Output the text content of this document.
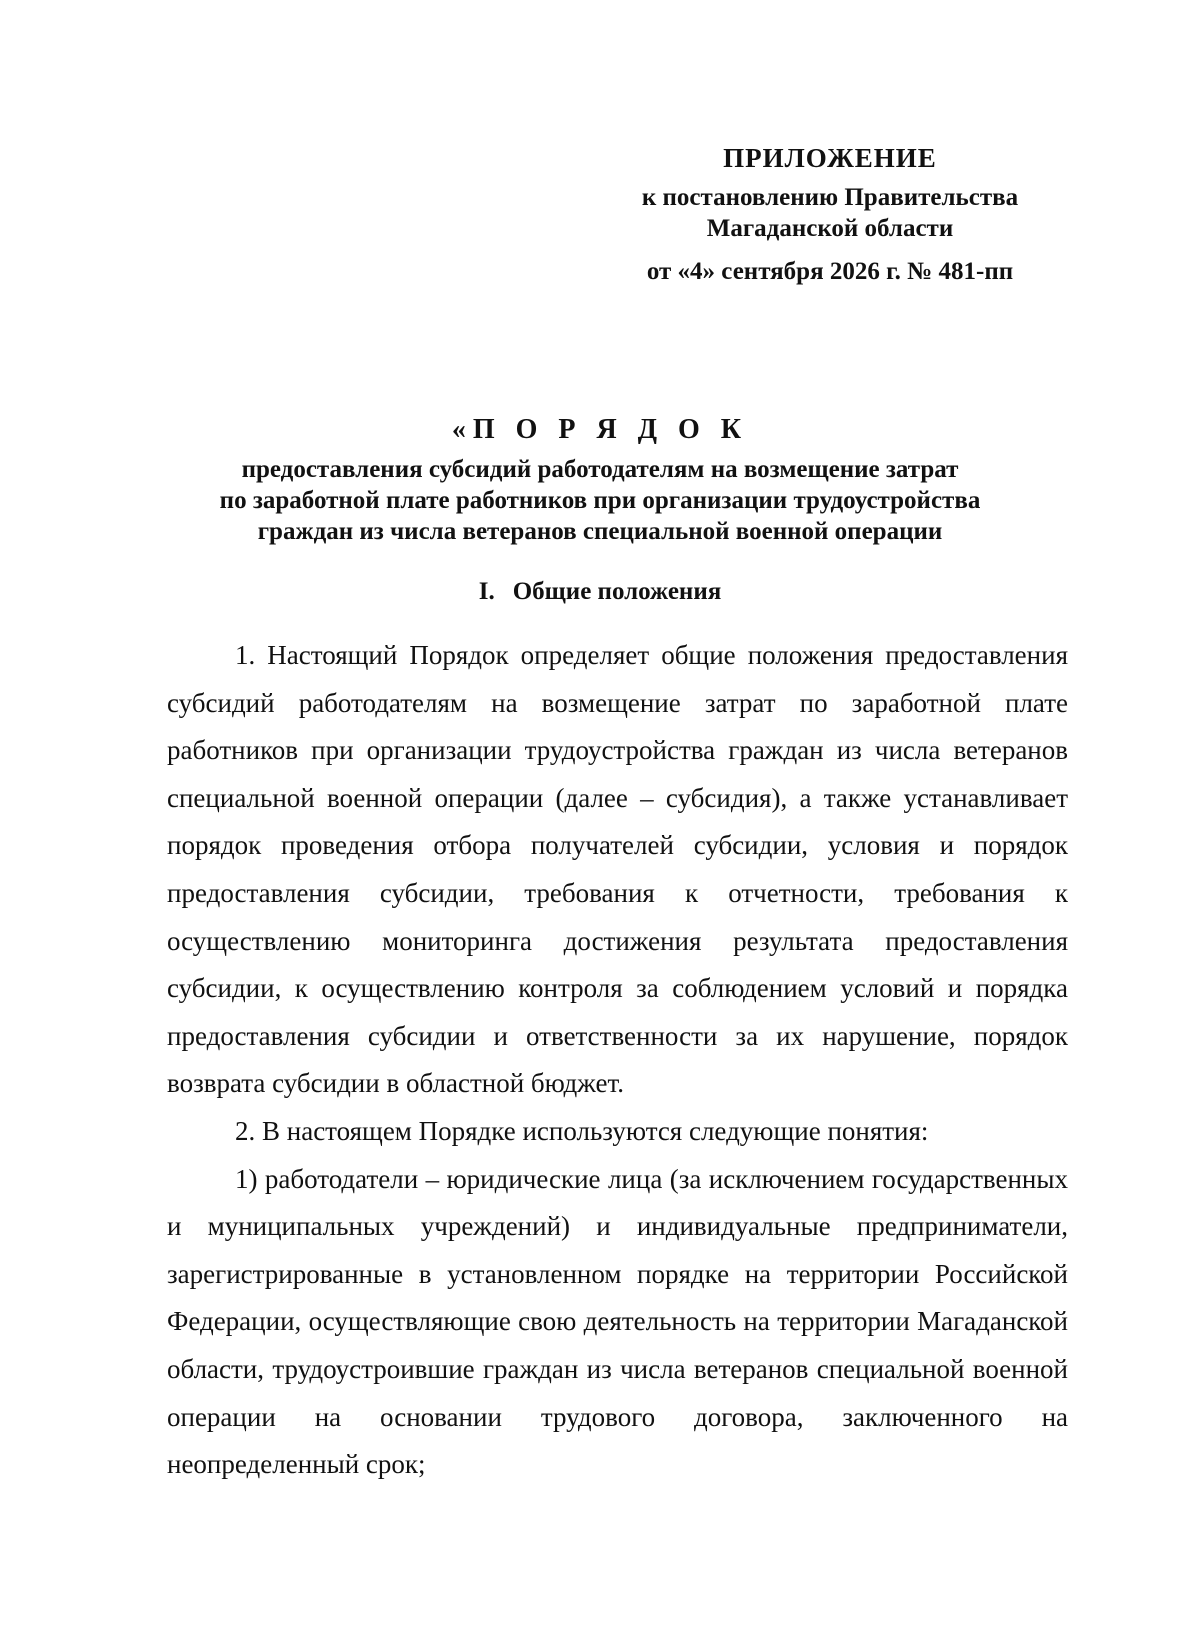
ПРИЛОЖЕНИЕ
к постановлению Правительства
Магаданской области
от «4» сентября 2026 г. № 481-пп
«П О Р Я Д О К
предоставления субсидий работодателям на возмещение затрат
по заработной плате работников при организации трудоустройства
граждан из числа ветеранов специальной военной операции
I. Общие положения

1. Настоящий Порядок определяет общие положения предоставления субсидий работодателям на возмещение затрат по заработной плате работников при организации трудоустройства граждан из числа ветеранов специальной военной операции (далее – субсидия), а также устанавливает порядок проведения отбора получателей субсидии, условия и порядок предоставления субсидии, требования к отчетности, требования к осуществлению мониторинга достижения результата предоставления субсидии, к осуществлению контроля за соблюдением условий и порядка предоставления субсидии и ответственности за их нарушение, порядок возврата субсидии в областной бюджет.

2. В настоящем Порядке используются следующие понятия:

1) работодатели – юридические лица (за исключением государственных и муниципальных учреждений) и индивидуальные предприниматели, зарегистрированные в установленном порядке на территории Российской Федерации, осуществляющие свою деятельность на территории Магаданской области, трудоустроившие граждан из числа ветеранов специальной военной операции на основании трудового договора, заключенного на неопределенный срок;
